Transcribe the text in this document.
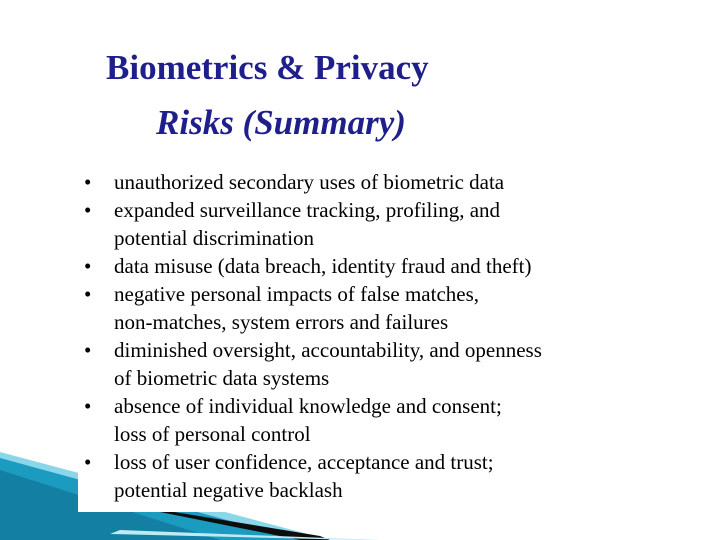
Biometrics & Privacy
Risks (Summary)
• unauthorized secondary uses of biometric data
• expanded surveillance tracking, profiling, and
potential discrimination
• data misuse (data breach, identity fraud and theft)
• negative personal impacts of false matches,
non-matches, system errors and failures
• diminished oversight, accountability, and openness
of biometric data systems
• absence of individual knowledge and consent;
loss of personal control
• loss of user confidence, acceptance and trust;
potential negative backlash
